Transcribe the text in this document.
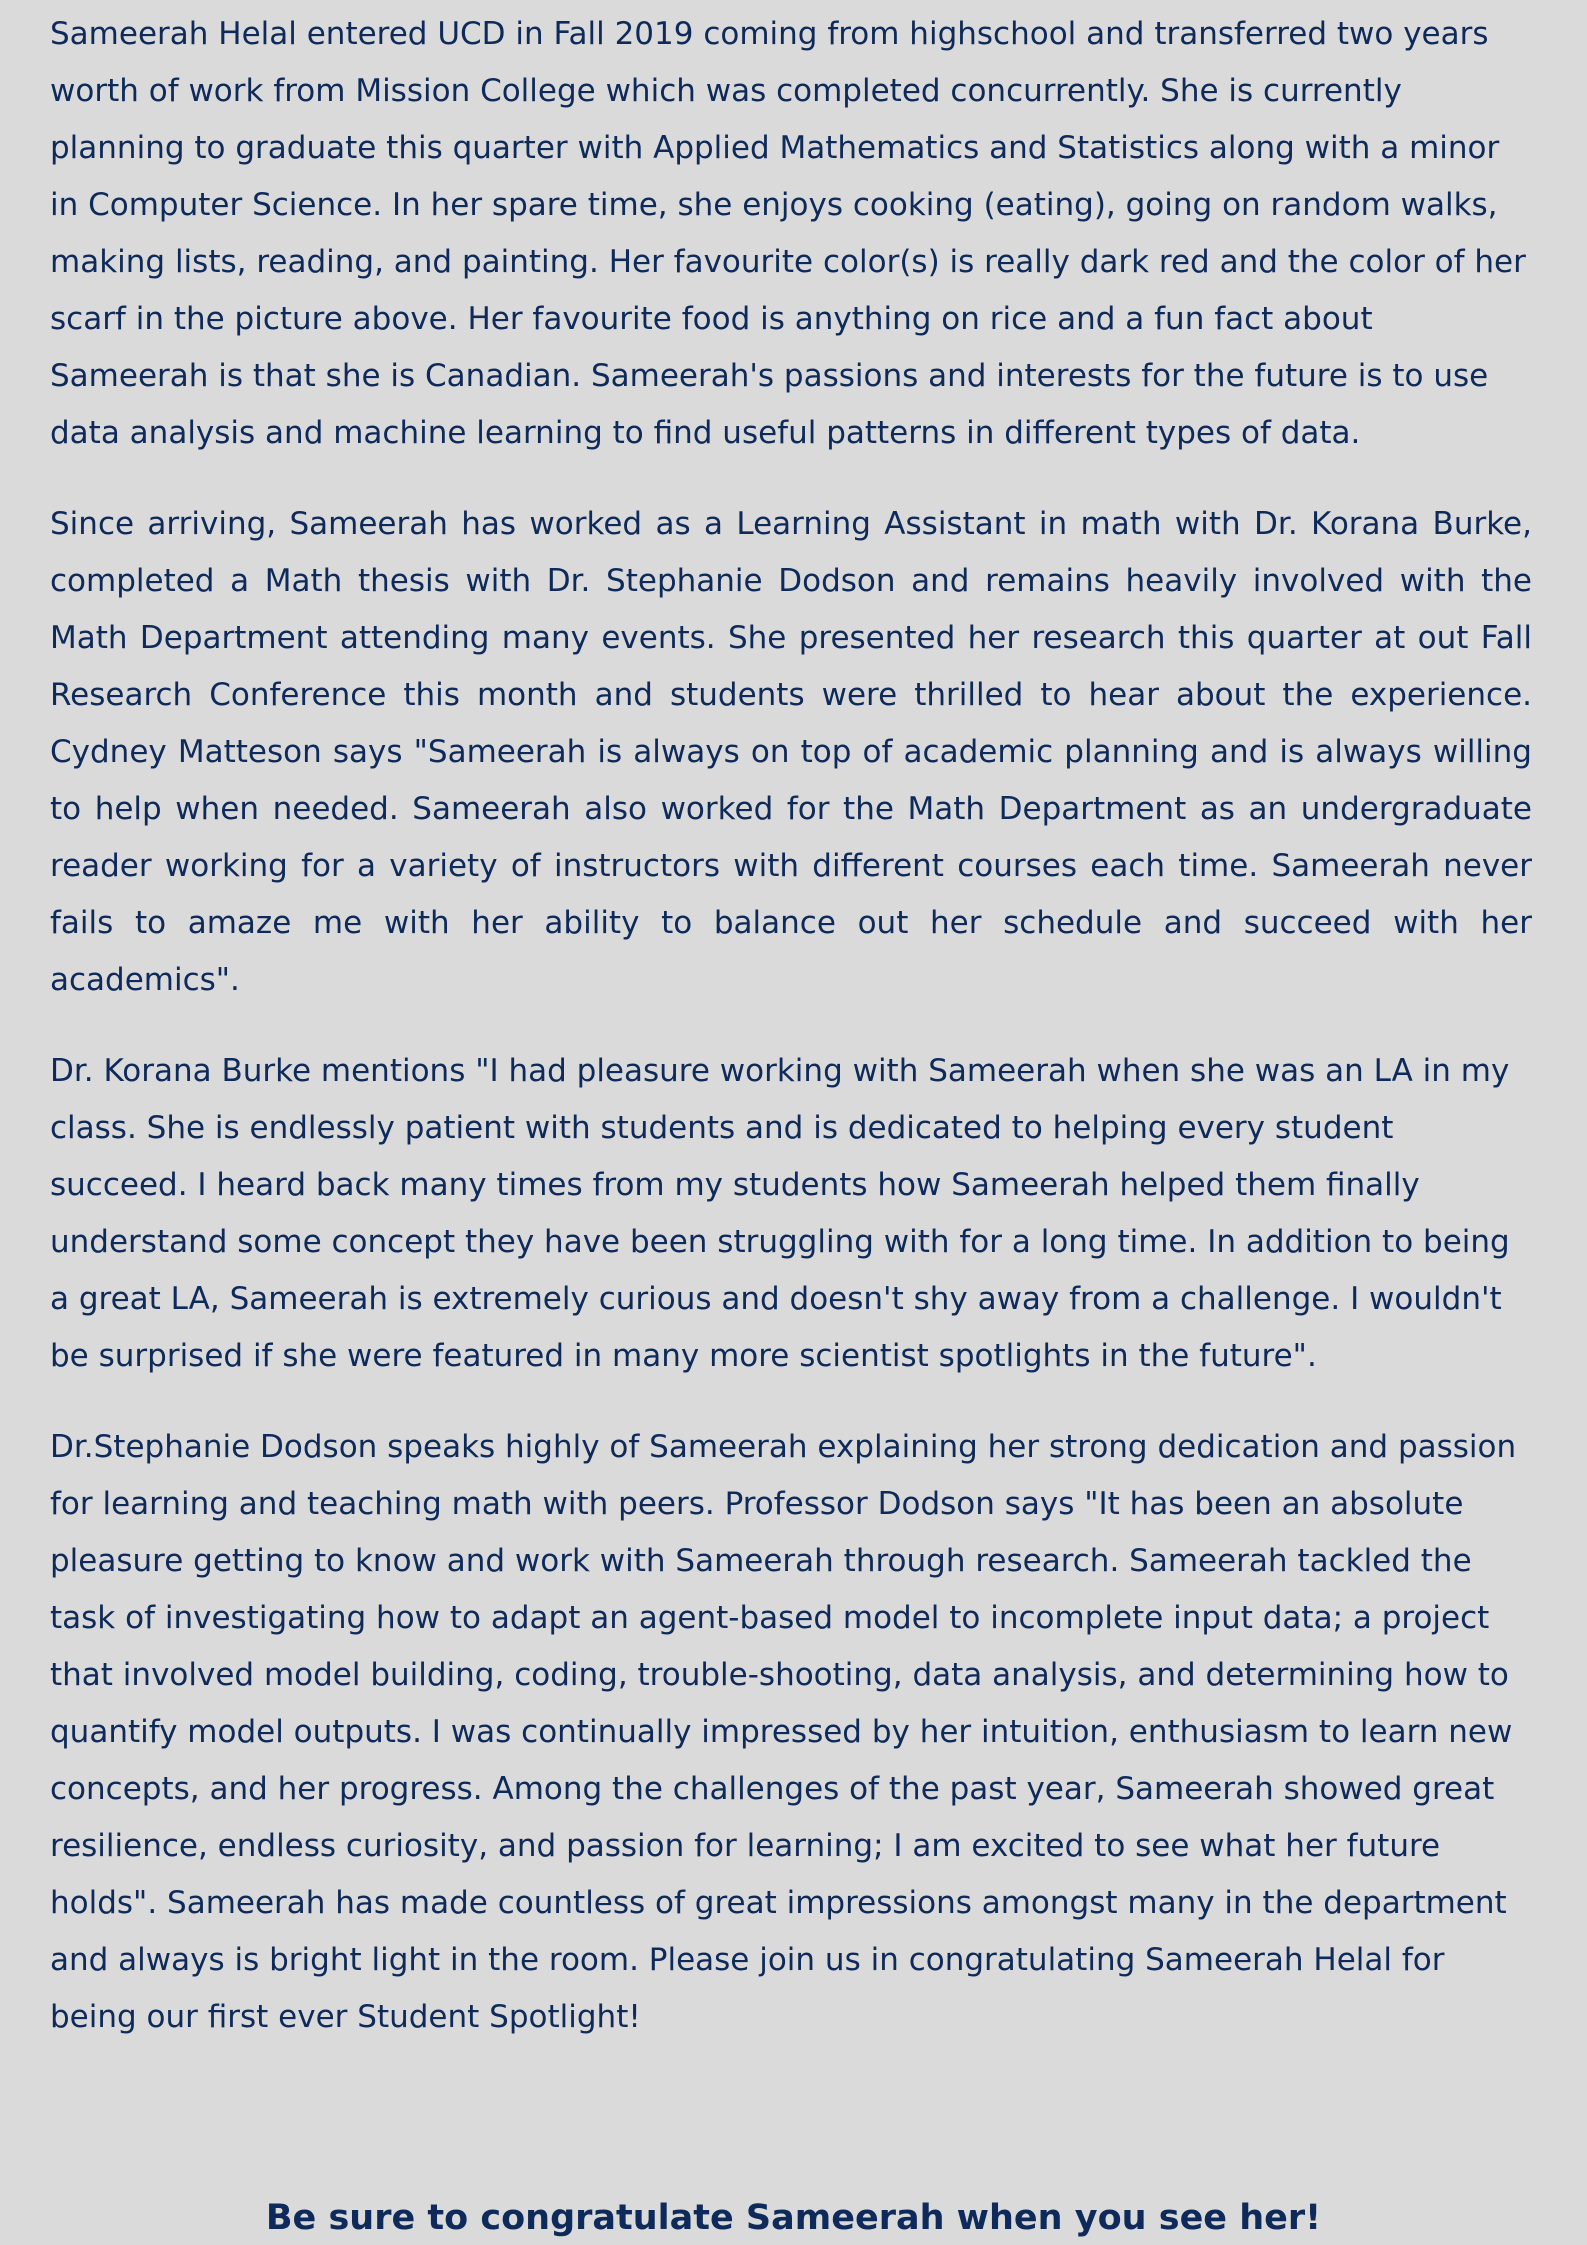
Sameerah Helal entered UCD in Fall 2019 coming from highschool and transferred two years worth of work from Mission College which was completed concurrently. She is currently planning to graduate this quarter with Applied Mathematics and Statistics along with a minor in Computer Science. In her spare time, she enjoys cooking (eating), going on random walks, making lists, reading, and painting. Her favourite color(s) is really dark red and the color of her scarf in the picture above. Her favourite food is anything on rice and a fun fact about Sameerah is that she is Canadian. Sameerah's passions and interests for the future is to use data analysis and machine learning to find useful patterns in different types of data.

Since arriving, Sameerah has worked as a Learning Assistant in math with Dr. Korana Burke, completed a Math thesis with Dr. Stephanie Dodson and remains heavily involved with the Math Department attending many events. She presented her research this quarter at out Fall Research Conference this month and students were thrilled to hear about the experience. Cydney Matteson says "Sameerah is always on top of academic planning and is always willing to help when needed. Sameerah also worked for the Math Department as an undergraduate reader working for a variety of instructors with different courses each time. Sameerah never fails to amaze me with her ability to balance out her schedule and succeed with her academics".

Dr. Korana Burke mentions "I had pleasure working with Sameerah when she was an LA in my class. She is endlessly patient with students and is dedicated to helping every student succeed. I heard back many times from my students how Sameerah helped them finally understand some concept they have been struggling with for a long time. In addition to being a great LA, Sameerah is extremely curious and doesn't shy away from a challenge. I wouldn't be surprised if she were featured in many more scientist spotlights in the future".

Dr.Stephanie Dodson speaks highly of Sameerah explaining her strong dedication and passion for learning and teaching math with peers. Professor Dodson says "It has been an absolute pleasure getting to know and work with Sameerah through research. Sameerah tackled the task of investigating how to adapt an agent-based model to incomplete input data; a project that involved model building, coding, trouble-shooting, data analysis, and determining how to quantify model outputs. I was continually impressed by her intuition, enthusiasm to learn new concepts, and her progress. Among the challenges of the past year, Sameerah showed great resilience, endless curiosity, and passion for learning; I am excited to see what her future holds". Sameerah has made countless of great impressions amongst many in the department and always is bright light in the room. Please join us in congratulating Sameerah Helal for being our first ever Student Spotlight!

Be sure to congratulate Sameerah when you see her!
